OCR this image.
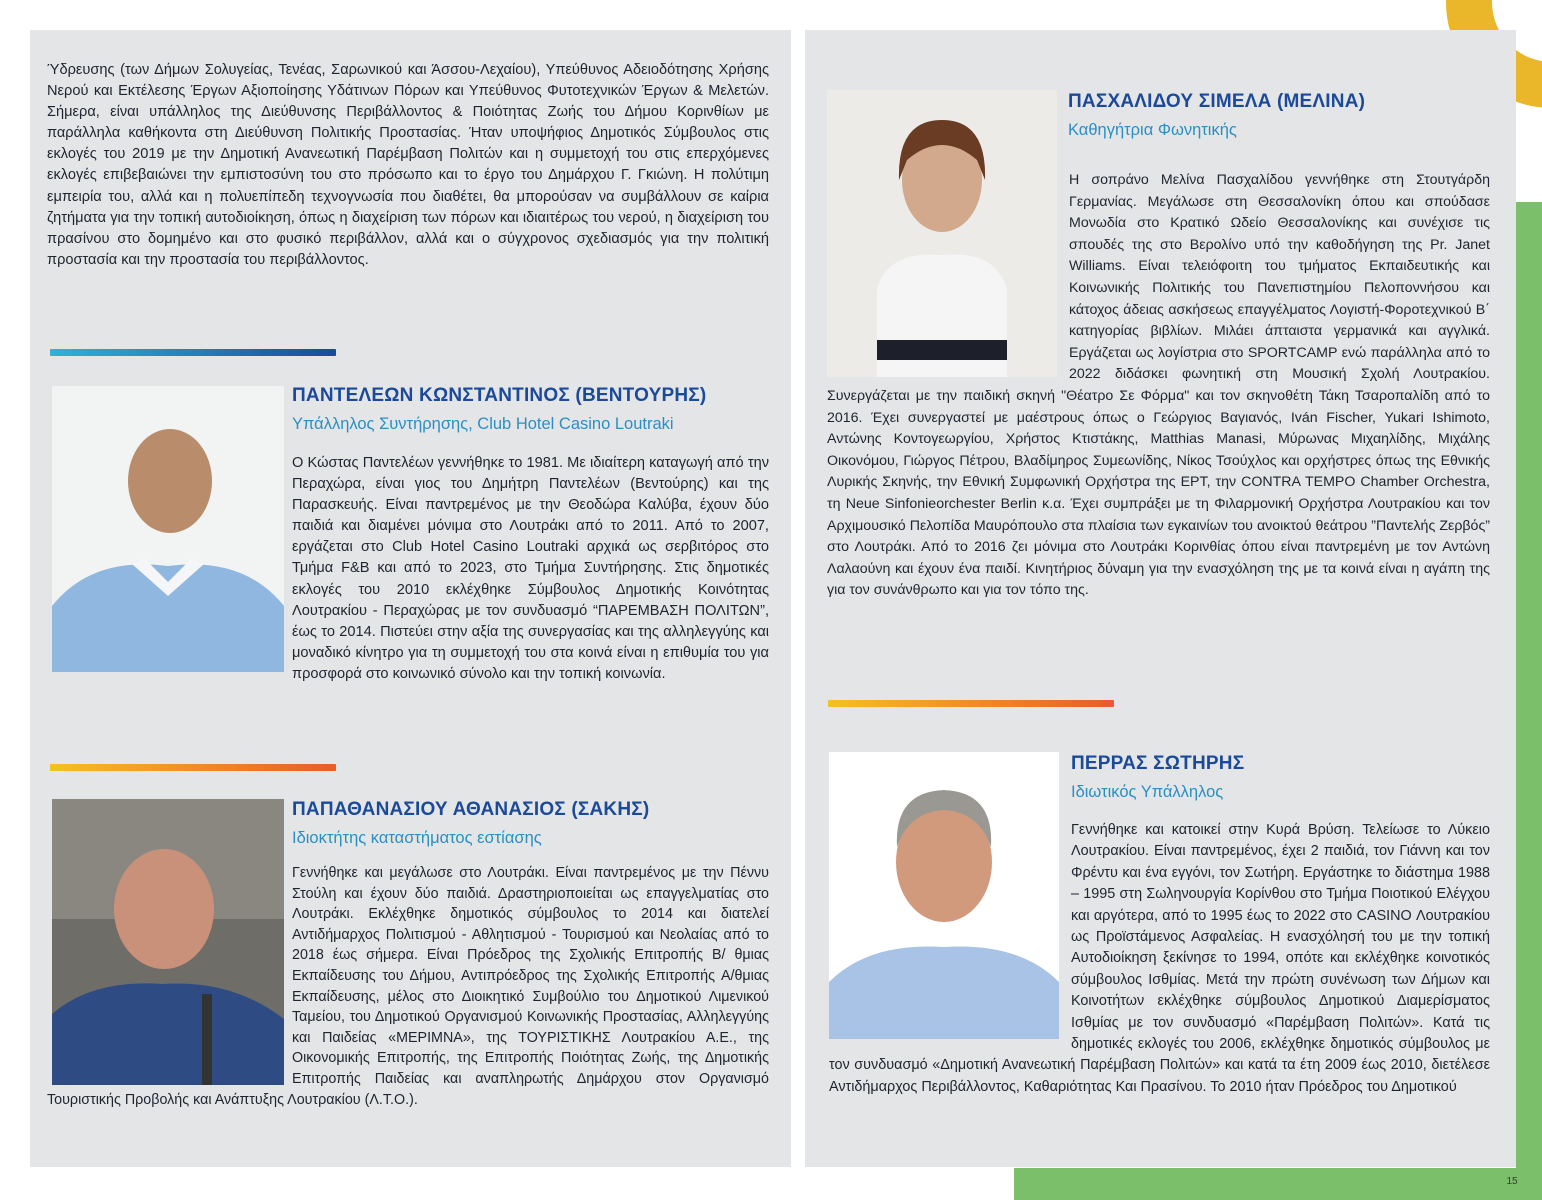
15

Ύδρευσης (των Δήμων Σολυγείας, Τενέας, Σαρωνικού και Άσσου-Λεχαίου), Υπεύθυνος Αδειοδότησης Χρήσης Νερού και Εκτέλεσης Έργων Αξιοποίησης Υδάτινων Πόρων και Υπεύθυνος Φυτοτεχνικών Έργων & Μελετών. Σήμερα, είναι υπάλληλος της Διεύθυνσης Περιβάλλοντος & Ποιότητας Ζωής του Δήμου Κορινθίων με παράλληλα καθήκοντα στη Διεύθυνση Πολιτικής Προστασίας. Ήταν υποψήφιος Δημοτικός Σύμβουλος στις εκλογές του 2019 με την Δημοτική Ανανεωτική Παρέμβαση Πολιτών και η συμμετοχή του στις επερχόμενες εκλογές επιβεβαιώνει την εμπιστοσύνη του στο πρόσωπο και το έργο του Δημάρχου Γ. Γκιώνη. Η πολύτιμη εμπειρία του, αλλά και η πολυεπίπεδη τεχνογνωσία που διαθέτει, θα μπορούσαν να συμβάλλουν σε καίρια ζητήματα για την τοπική αυτοδιοίκηση, όπως η διαχείριση των πόρων και ιδιαιτέρως του νερού, η διαχείριση του πρασίνου στο δομημένο και στο φυσικό περιβάλλον, αλλά και ο σύγχρονος σχεδιασμός για την πολιτική προστασία και την προστασία του περιβάλλοντος.

ΠΑΝΤΕΛΕΩΝ ΚΩΝΣΤΑΝΤΙΝΟΣ (ΒΕΝΤΟΥΡΗΣ)

Υπάλληλος Συντήρησης, Club Hotel Casino Loutraki

Ο Κώστας Παντελέων γεννήθηκε το 1981. Με ιδιαίτερη καταγωγή από την Περαχώρα, είναι γιος του Δημήτρη Παντελέων (Βεντούρης) και της Παρασκευής. Είναι παντρεμένος με την Θεοδώρα Καλύβα, έχουν δύο παιδιά και διαμένει μόνιμα στο Λουτράκι από το 2011. Από το 2007, εργάζεται στο Club Hotel Casino Loutraki αρχικά ως σερβιτόρος στο Τμήμα F&B και από το 2023, στο Τμήμα Συντήρησης. Στις δημοτικές εκλογές του 2010 εκλέχθηκε Σύμβουλος Δημοτικής Κοινότητας Λουτρακίου - Περαχώρας με τον συνδυασμό “ΠΑΡΕΜΒΑΣΗ ΠΟΛΙΤΩΝ”, έως το 2014. Πιστεύει στην αξία της συνεργασίας και της αλληλεγγύης και μοναδικό κίνητρο για τη συμμετοχή του στα κοινά είναι η επιθυμία του για προσφορά στο κοινωνικό σύνολο και την τοπική κοινωνία.
ΠΑΠΑΘΑΝΑΣΙΟΥ ΑΘΑΝΑΣΙΟΣ (ΣΑΚΗΣ)

Ιδιοκτήτης καταστήματος εστίασης

Γεννήθηκε και μεγάλωσε στο Λουτράκι. Είναι παντρεμένος με την Πέννυ Στούλη και έχουν δύο παιδιά. Δραστηριοποιείται ως επαγγελματίας στο Λουτράκι. Εκλέχθηκε δημοτικός σύμβουλος το 2014 και διατελεί Αντιδήμαρχος Πολιτισμού - Αθλητισμού - Τουρισμού και Νεολαίας από το 2018 έως σήμερα. Είναι Πρόεδρος της Σχολικής Επιτροπής Β/ θμιας Εκπαίδευσης του Δήμου, Αντιπρόεδρος της Σχολικής Επιτροπής Α/θμιας Εκπαίδευσης, μέλος στο Διοικητικό Συμβούλιο του Δημοτικού Λιμενικού Ταμείου, του Δημοτικού Οργανισμού Κοινωνικής Προστασίας, Αλληλεγγύης και Παιδείας «ΜΕΡΙΜΝΑ», της ΤΟΥΡΙΣΤΙΚΗΣ Λουτρακίου Α.Ε., της Οικονομικής Επιτροπής, της Επιτροπής Ποιότητας Ζωής, της Δημοτικής Επιτροπής Παιδείας και αναπληρωτής Δημάρχου στον Οργανισμό Τουριστικής Προβολής και Ανάπτυξης Λουτρακίου (Λ.Τ.Ο.).
ΠΑΣΧΑΛΙΔΟΥ ΣΙΜΕΛΑ (ΜΕΛΙΝΑ)

Καθηγήτρια Φωνητικής

Η σοπράνο Μελίνα Πασχαλίδου γεννήθηκε στη Στουτγάρδη Γερμανίας. Μεγάλωσε στη Θεσσαλονίκη όπου και σπούδασε Μονωδία στο Κρατικό Ωδείο Θεσσαλονίκης και συνέχισε τις σπουδές της στο Βερολίνο υπό την καθοδήγηση της Pr. Janet Williams. Είναι τελειόφοιτη του τμήματος Εκπαιδευτικής και Κοινωνικής Πολιτικής του Πανεπιστημίου Πελοποννήσου και κάτοχος άδειας ασκήσεως επαγγέλματος Λογιστή-Φοροτεχνικού Β΄ κατηγορίας βιβλίων. Μιλάει άπταιστα γερμανικά και αγγλικά. Εργάζεται ως λογίστρια στο SPORTCAMP ενώ παράλληλα από το 2022 διδάσκει φωνητική στη Μουσική Σχολή Λουτρακίου. Συνεργάζεται με την παιδική σκηνή "Θέατρο Σε Φόρμα" και τον σκηνοθέτη Τάκη Τσαροπαλίδη από το 2016. Έχει συνεργαστεί με μαέστρους όπως ο Γεώργιος Βαγιανός, Iván Fischer, Yukari Ishimoto, Αντώνης Κοντογεωργίου, Χρήστος Κτιστάκης, Matthias Manasi, Μύρωνας Μιχαηλίδης, Μιχάλης Οικονόμου, Γιώργος Πέτρου, Βλαδίμηρος Συμεωνίδης, Νίκος Τσούχλος και ορχήστρες όπως της Εθνικής Λυρικής Σκηνής, την Εθνική Συμφωνική Ορχήστρα της ΕΡΤ, την CONTRA TEMPO Chamber Orchestra, τη Neue Sinfonieorchester Berlin κ.α. Έχει συμπράξει με τη Φιλαρμονική Ορχήστρα Λουτρακίου και τον Αρχιμουσικό Πελοπίδα Μαυρόπουλο στα πλαίσια των εγκαινίων του ανοικτού θεάτρου ”Παντελής Ζερβός” στο Λουτράκι. Από το 2016 ζει μόνιμα στο Λουτράκι Κορινθίας όπου είναι παντρεμένη με τον Αντώνη Λαλαούνη και έχουν ένα παιδί. Κινητήριος δύναμη για την ενασχόληση της με τα κοινά είναι η αγάπη της για τον συνάνθρωπο και για τον τόπο της.
ΠΕΡΡΑΣ ΣΩΤΗΡΗΣ

Ιδιωτικός Υπάλληλος

Γεννήθηκε και κατοικεί στην Κυρά Βρύση. Τελείωσε το Λύκειο Λουτρακίου. Είναι παντρεμένος, έχει 2 παιδιά, τον Γιάννη και τον Φρέντυ και ένα εγγόνι, τον Σωτήρη. Εργάστηκε το διάστημα 1988 – 1995 στη Σωληνουργία Κορίνθου στο Τμήμα Ποιοτικού Ελέγχου και αργότερα, από το 1995 έως το 2022 στο CASINO Λουτρακίου ως Προϊστάμενος Ασφαλείας. Η ενασχόλησή του με την τοπική Αυτοδιοίκηση ξεκίνησε το 1994, οπότε και εκλέχθηκε κοινοτικός σύμβουλος Ισθμίας. Μετά την πρώτη συνένωση των Δήμων και Κοινοτήτων εκλέχθηκε σύμβουλος Δημοτικού Διαμερίσματος Ισθμίας με τον συνδυασμό «Παρέμβαση Πολιτών». Κατά τις δημοτικές εκλογές του 2006, εκλέχθηκε δημοτικός σύμβουλος με τον συνδυασμό «Δημοτική Ανανεωτική Παρέμβαση Πολιτών» και κατά τα έτη 2009 έως 2010, διετέλεσε Αντιδήμαρχος Περιβάλλοντος, Καθαριότητας Και Πρασίνου. Το 2010 ήταν Πρόεδρος του Δημοτικού
